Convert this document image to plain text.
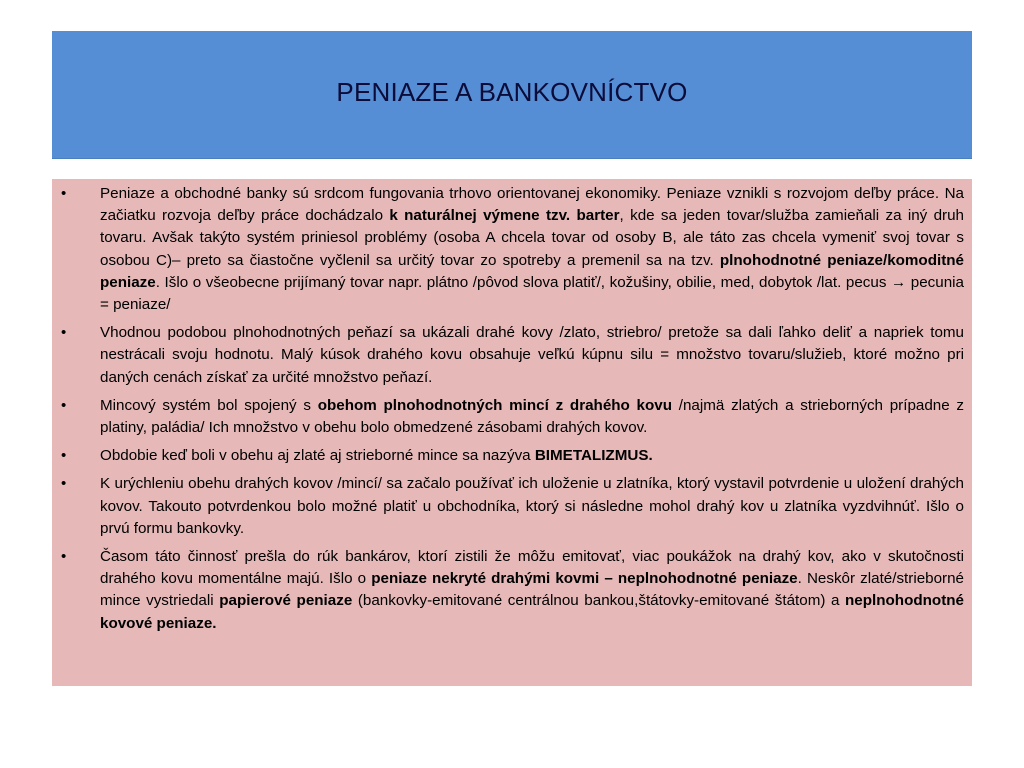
PENIAZE A BANKOVNÍCTVO
• Peniaze a obchodné banky sú srdcom fungovania trhovo orientovanej ekonomiky. Peniaze vznikli s rozvojom deľby práce. Na začiatku rozvoja deľby práce dochádzalo k naturálnej výmene tzv. barter, kde sa jeden tovar/služba zamieňali za iný druh tovaru. Avšak takýto systém priniesol problémy (osoba A chcela tovar od osoby B, ale táto zas chcela vymeniť svoj tovar s osobou C)– preto sa čiastočne vyčlenil sa určitý tovar zo spotreby a premenil sa na tzv. plnohodnotné peniaze/komoditné peniaze. Išlo o všeobecne prijímaný tovar napr. plátno /pôvod slova platiť/, kožušiny, obilie, med, dobytok /lat. pecus → pecunia = peniaze/
• Vhodnou podobou plnohodnotných peňazí sa ukázali drahé kovy /zlato, striebro/ pretože sa dali ľahko deliť a napriek tomu nestrácali svoju hodnotu. Malý kúsok drahého kovu obsahuje veľkú kúpnu silu = množstvo tovaru/služieb, ktoré možno pri daných cenách získať za určité množstvo peňazí.
• Mincový systém bol spojený s obehom plnohodnotných mincí z drahého kovu /najmä zlatých a strieborných prípadne z platiny, paládia/ Ich množstvo v obehu bolo obmedzené zásobami drahých kovov.
• Obdobie keď boli v obehu aj zlaté aj strieborné mince sa nazýva BIMETALIZMUS.
• K urýchleniu obehu drahých kovov /mincí/ sa začalo používať ich uloženie u zlatníka, ktorý vystavil potvrdenie u uložení drahých kovov. Takouto potvrdenkou bolo možné platiť u obchodníka, ktorý si následne mohol drahý kov u zlatníka vyzdvihnúť. Išlo o prvú formu bankovky.
• Časom táto činnosť prešla do rúk bankárov, ktorí zistili že môžu emitovať, viac poukážok na drahý kov, ako v skutočnosti drahého kovu momentálne majú. Išlo o peniaze nekryté drahými kovmi – neplnohodnotné peniaze. Neskôr zlaté/strieborné mince vystriedali papierové peniaze (bankovky-emitované centrálnou bankou,štátovky-emitované štátom) a neplnohodnotné kovové peniaze.
